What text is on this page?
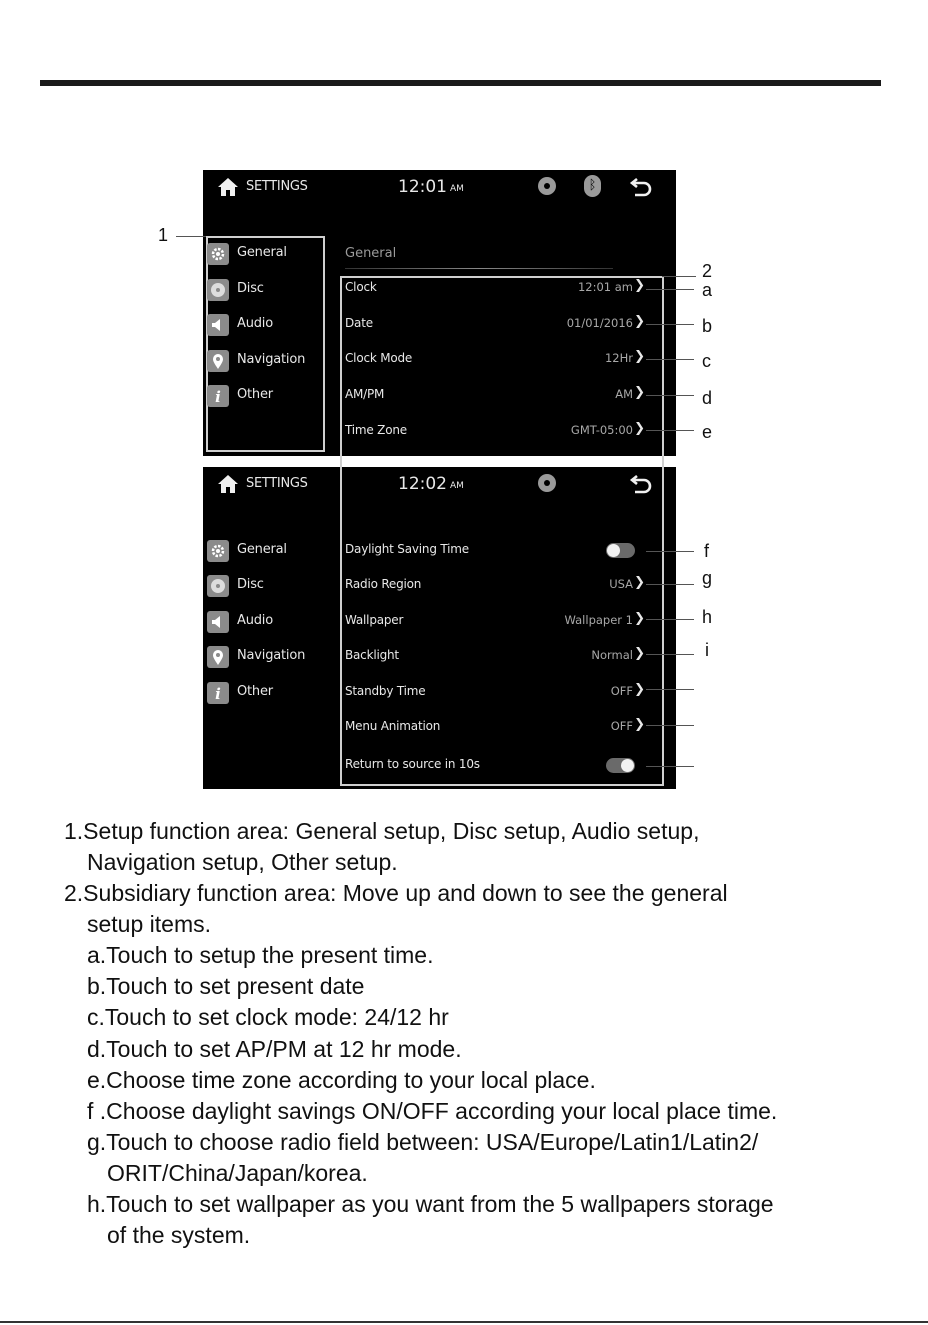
SETTINGS	12:01 AM	ᛒ
General
Disc
Audio
Navigation
i Other
General
Clock	12:01 am ❯
Date	01/01/2016 ❯
Clock Mode	12Hr ❯
AM/PM	AM ❯
Time Zone	GMT-05:00 ❯
SETTINGS	12:02 AM
General
Disc
Audio
Navigation
i Other
Daylight Saving Time
Radio Region	USA ❯
Wallpaper	Wallpaper 1 ❯
Backlight	Normal ❯
Standby Time	OFF ❯
Menu Animation	OFF ❯
Return to source in 10s
1
2
a
b
c
d
e
f
g
h
i
1.Setup function area: General setup, Disc setup, Audio setup,
Navigation setup, Other setup.
2.Subsidiary function area: Move up and down to see the general
setup items.
a.Touch to setup the present time.
b.Touch to set present date
c.Touch to set clock mode: 24/12 hr
d.Touch to set AP/PM at 12 hr mode.
e.Choose time zone according to your local place.
f .Choose daylight savings ON/OFF according your local place time.
g.Touch to choose radio field between: USA/Europe/Latin1/Latin2/
ORIT/China/Japan/korea.
h.Touch to set wallpaper as you want from the 5 wallpapers storage
of the system.
